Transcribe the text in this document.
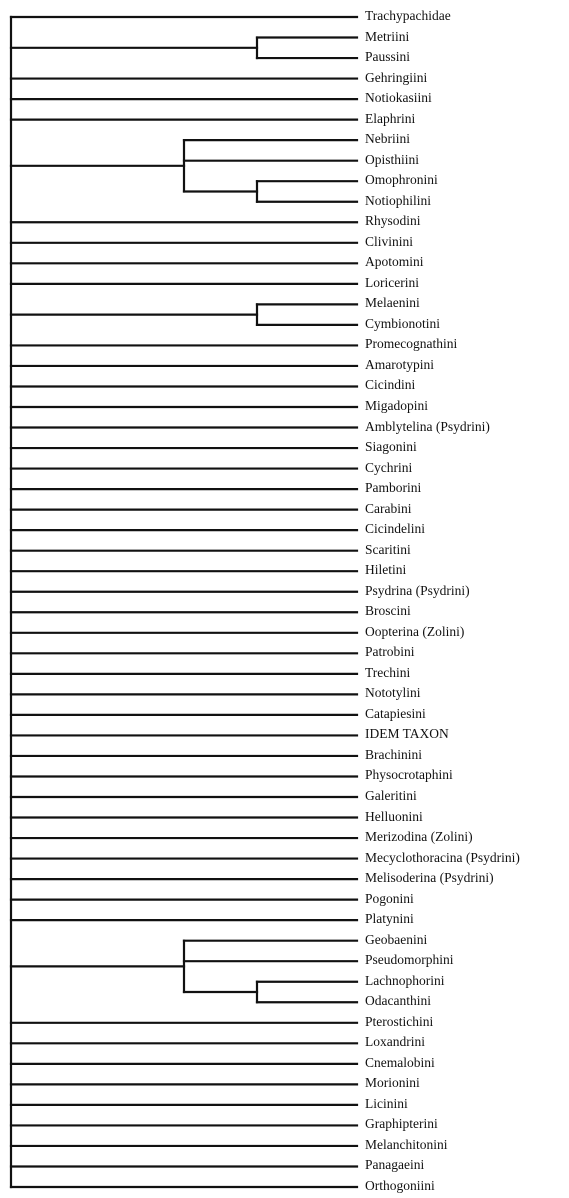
Trachypachidae
Metriini
Paussini
Gehringiini
Notiokasiini
Elaphrini
Nebriini
Opisthiini
Omophronini
Notiophilini
Rhysodini
Clivinini
Apotomini
Loricerini
Melaenini
Cymbionotini
Promecognathini
Amarotypini
Cicindini
Migadopini
Amblytelina (Psydrini)
Siagonini
Cychrini
Pamborini
Carabini
Cicindelini
Scaritini
Hiletini
Psydrina (Psydrini)
Broscini
Oopterina (Zolini)
Patrobini
Trechini
Nototylini
Catapiesini
IDEM TAXON
Brachinini
Physocrotaphini
Galeritini
Helluonini
Merizodina (Zolini)
Mecyclothoracina (Psydrini)
Melisoderina (Psydrini)
Pogonini
Platynini
Geobaenini
Pseudomorphini
Lachnophorini
Odacanthini
Pterostichini
Loxandrini
Cnemalobini
Morionini
Licinini
Graphipterini
Melanchitonini
Panagaeini
Orthogoniini
